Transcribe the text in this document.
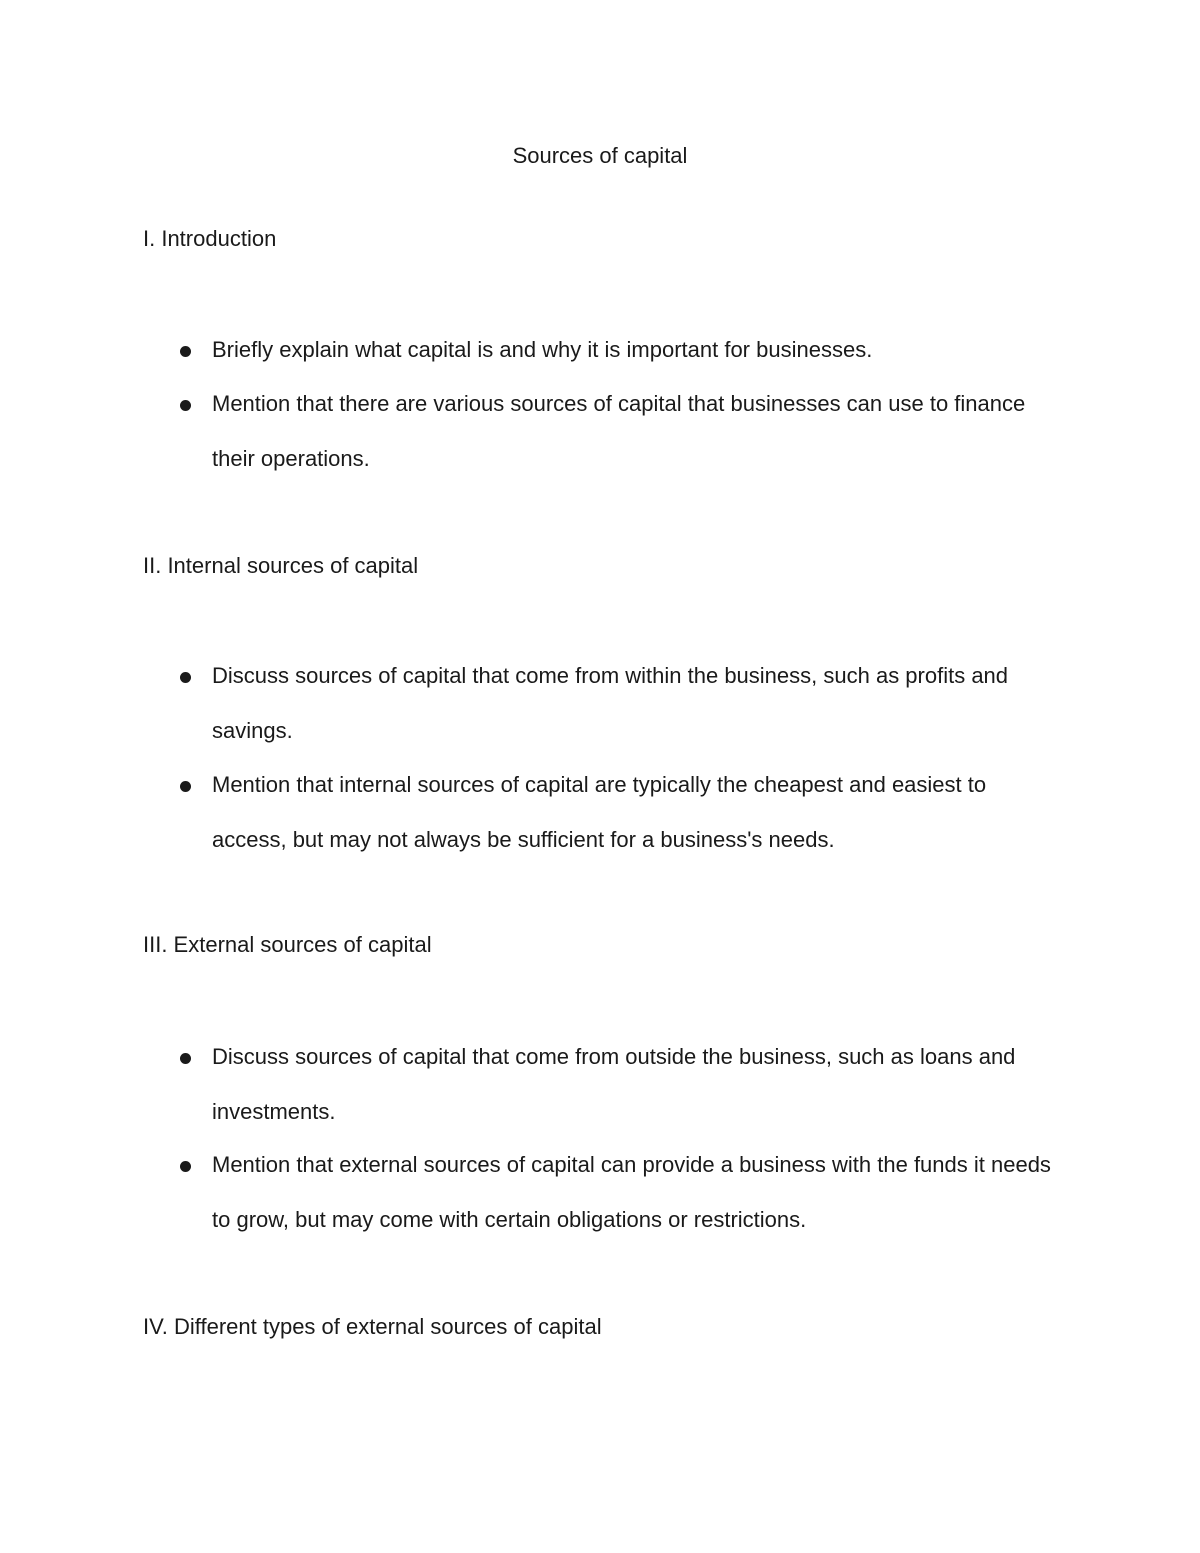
Sources of capital
I. Introduction
Briefly explain what capital is and why it is important for businesses.
Mention that there are various sources of capital that businesses can use to finance their operations.
II. Internal sources of capital
Discuss sources of capital that come from within the business, such as profits and savings.
Mention that internal sources of capital are typically the cheapest and easiest to access, but may not always be sufficient for a business's needs.
III. External sources of capital
Discuss sources of capital that come from outside the business, such as loans and investments.
Mention that external sources of capital can provide a business with the funds it needs to grow, but may come with certain obligations or restrictions.
IV. Different types of external sources of capital
